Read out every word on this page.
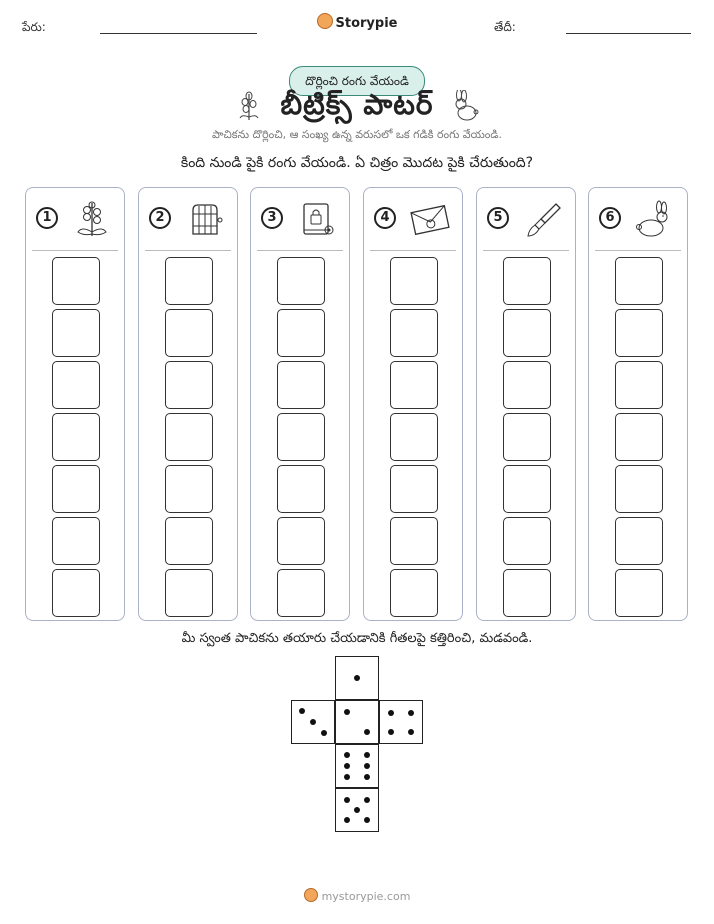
పేరు:	Storypie	తేదీ:
దొర్లించి రంగు వేయండి
బీట్రిక్స్ పాటర్
పాచికను దొర్లించి, ఆ సంఖ్య ఉన్న వరుసలో ఒక గడికి రంగు వేయండి.
కింది నుండి పైకి రంగు వేయండి. ఏ చిత్రం మొదట పైకి చేరుతుంది?
1	2	3	4	5	6
మీ స్వంత పాచికను తయారు చేయడానికి గీతలపై కత్తిరించి, మడవండి.
mystorypie.com
